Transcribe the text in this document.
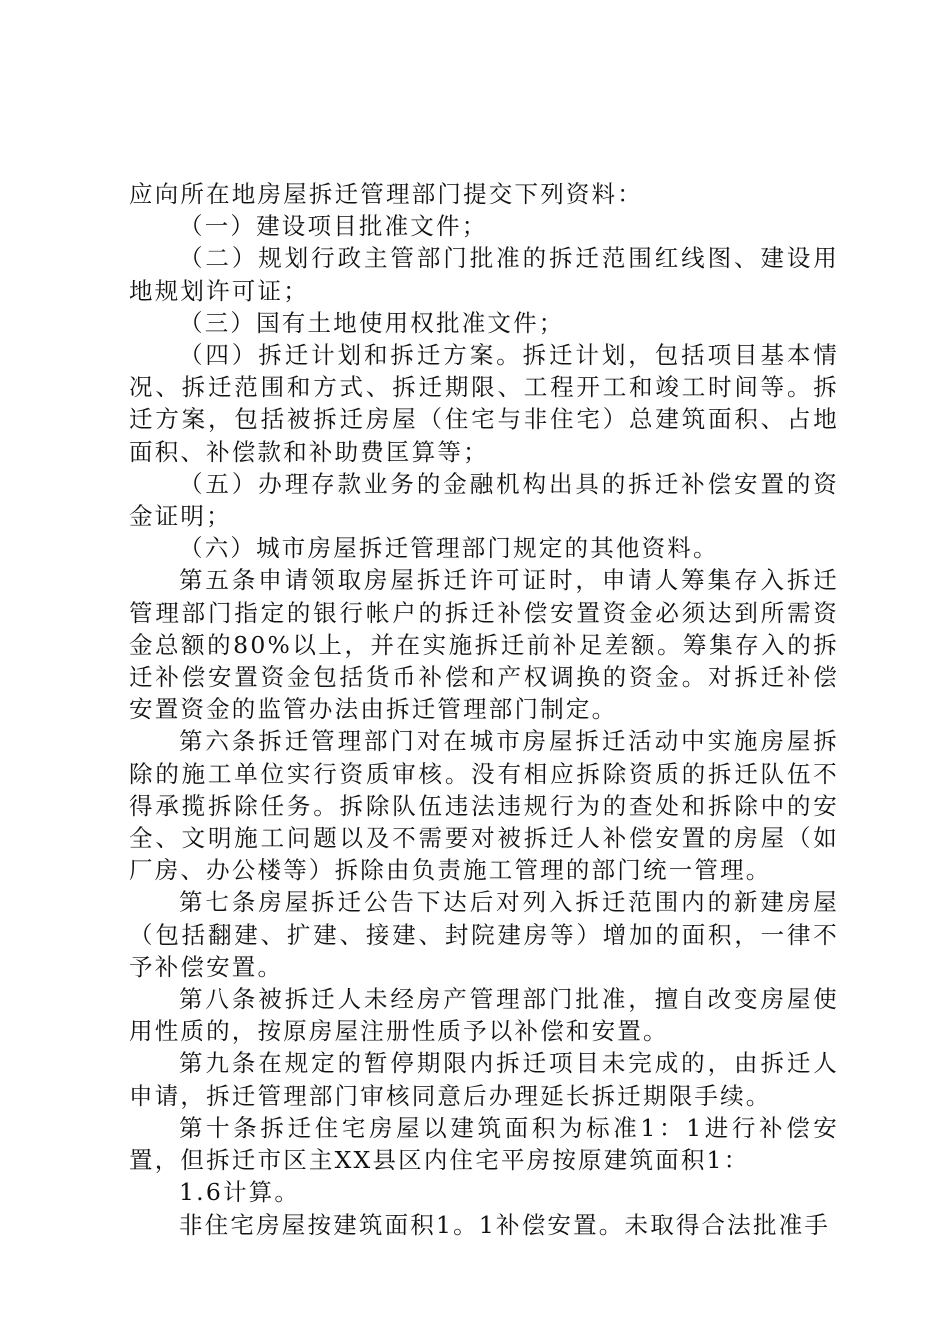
应向所在地房屋拆迁管理部门提交下列资料：

（一）建设项目批准文件；

（二）规划行政主管部门批准的拆迁范围红线图、建设用地规划许可证；

（三）国有土地使用权批准文件；

（四）拆迁计划和拆迁方案。拆迁计划，包括项目基本情况、拆迁范围和方式、拆迁期限、工程开工和竣工时间等。拆迁方案，包括被拆迁房屋（住宅与非住宅）总建筑面积、占地面积、补偿款和补助费匡算等；

（五）办理存款业务的金融机构出具的拆迁补偿安置的资金证明；

（六）城市房屋拆迁管理部门规定的其他资料。

第五条申请领取房屋拆迁许可证时，申请人筹集存入拆迁管理部门指定的银行帐户的拆迁补偿安置资金必须达到所需资金总额的80%以上，并在实施拆迁前补足差额。筹集存入的拆迁补偿安置资金包括货币补偿和产权调换的资金。对拆迁补偿安置资金的监管办法由拆迁管理部门制定。

第六条拆迁管理部门对在城市房屋拆迁活动中实施房屋拆除的施工单位实行资质审核。没有相应拆除资质的拆迁队伍不得承揽拆除任务。拆除队伍违法违规行为的查处和拆除中的安全、文明施工问题以及不需要对被拆迁人补偿安置的房屋（如厂房、办公楼等）拆除由负责施工管理的部门统一管理。

第七条房屋拆迁公告下达后对列入拆迁范围内的新建房屋（包括翻建、扩建、接建、封院建房等）增加的面积，一律不予补偿安置。

第八条被拆迁人未经房产管理部门批准，擅自改变房屋使用性质的，按原房屋注册性质予以补偿和安置。

第九条在规定的暂停期限内拆迁项目未完成的，由拆迁人申请，拆迁管理部门审核同意后办理延长拆迁期限手续。

第十条拆迁住宅房屋以建筑面积为标准1：1进行补偿安置，但拆迁市区主XX县区内住宅平房按原建筑面积1：

1.6计算。

非住宅房屋按建筑面积1。1补偿安置。未取得合法批准手
